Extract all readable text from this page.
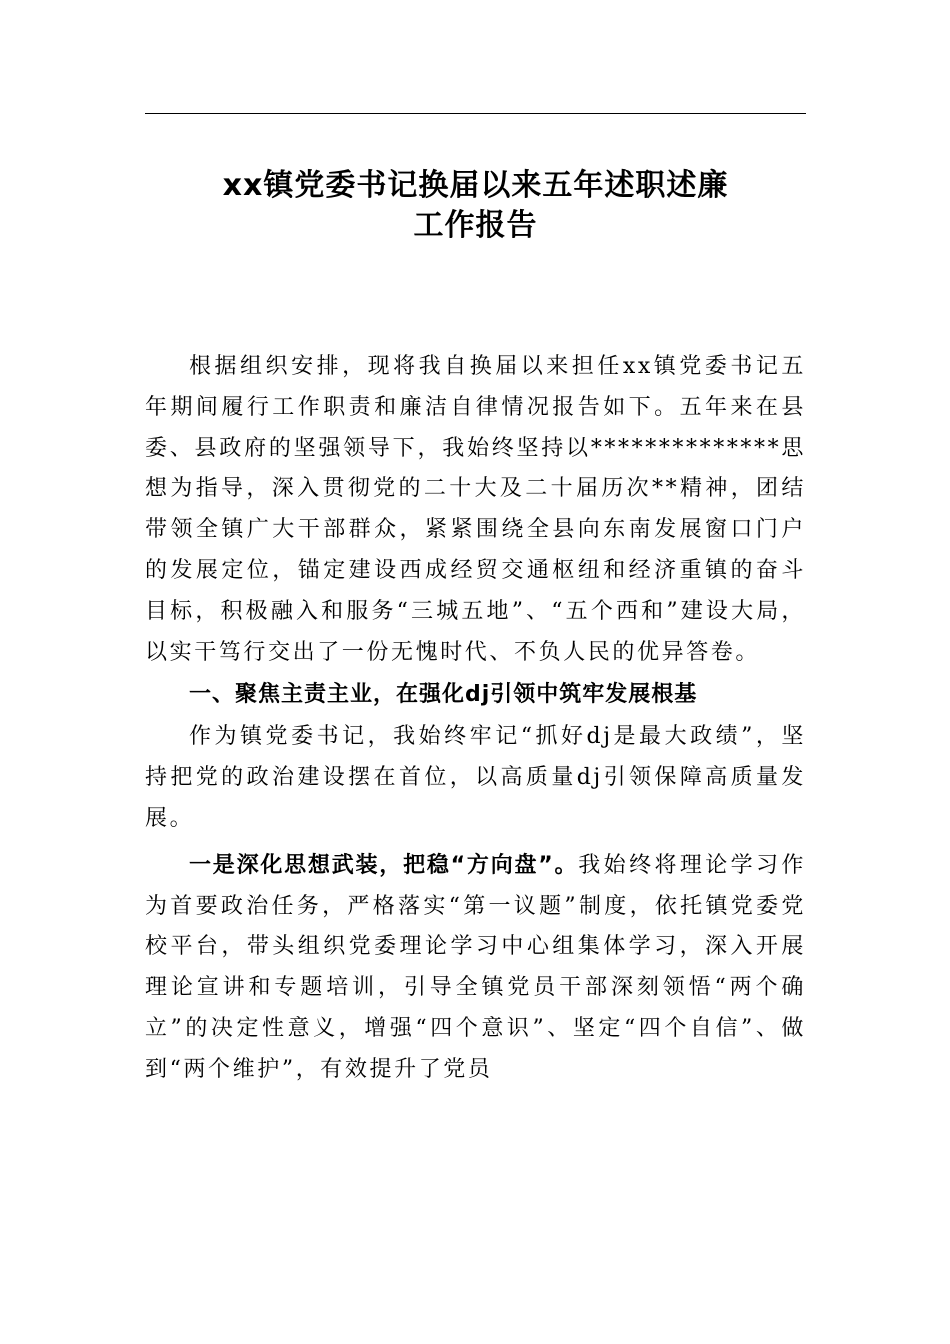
xx镇党委书记换届以来五年述职述廉
工作报告

根据组织安排，现将我自换届以来担任xx镇党委书记五年期间履行工作职责和廉洁自律情况报告如下。五年来在县委、县政府的坚强领导下，我始终坚持以**************思想为指导，深入贯彻党的二十大及二十届历次**精神，团结带领全镇广大干部群众，紧紧围绕全县向东南发展窗口门户的发展定位，锚定建设西成经贸交通枢纽和经济重镇的奋斗目标，积极融入和服务“三城五地”、“五个西和”建设大局，以实干笃行交出了一份无愧时代、不负人民的优异答卷。

一、聚焦主责主业，在强化dj引领中筑牢发展根基

作为镇党委书记，我始终牢记“抓好dj是最大政绩”，坚持把党的政治建设摆在首位，以高质量dj引领保障高质量发展。

一是深化思想武装，把稳“方向盘”。我始终将理论学习作为首要政治任务，严格落实“第一议题”制度，依托镇党委党校平台，带头组织党委理论学习中心组集体学习，深入开展理论宣讲和专题培训，引导全镇党员干部深刻领悟“两个确立”的决定性意义，增强“四个意识”、坚定“四个自信”、做到“两个维护”，有效提升了党员
